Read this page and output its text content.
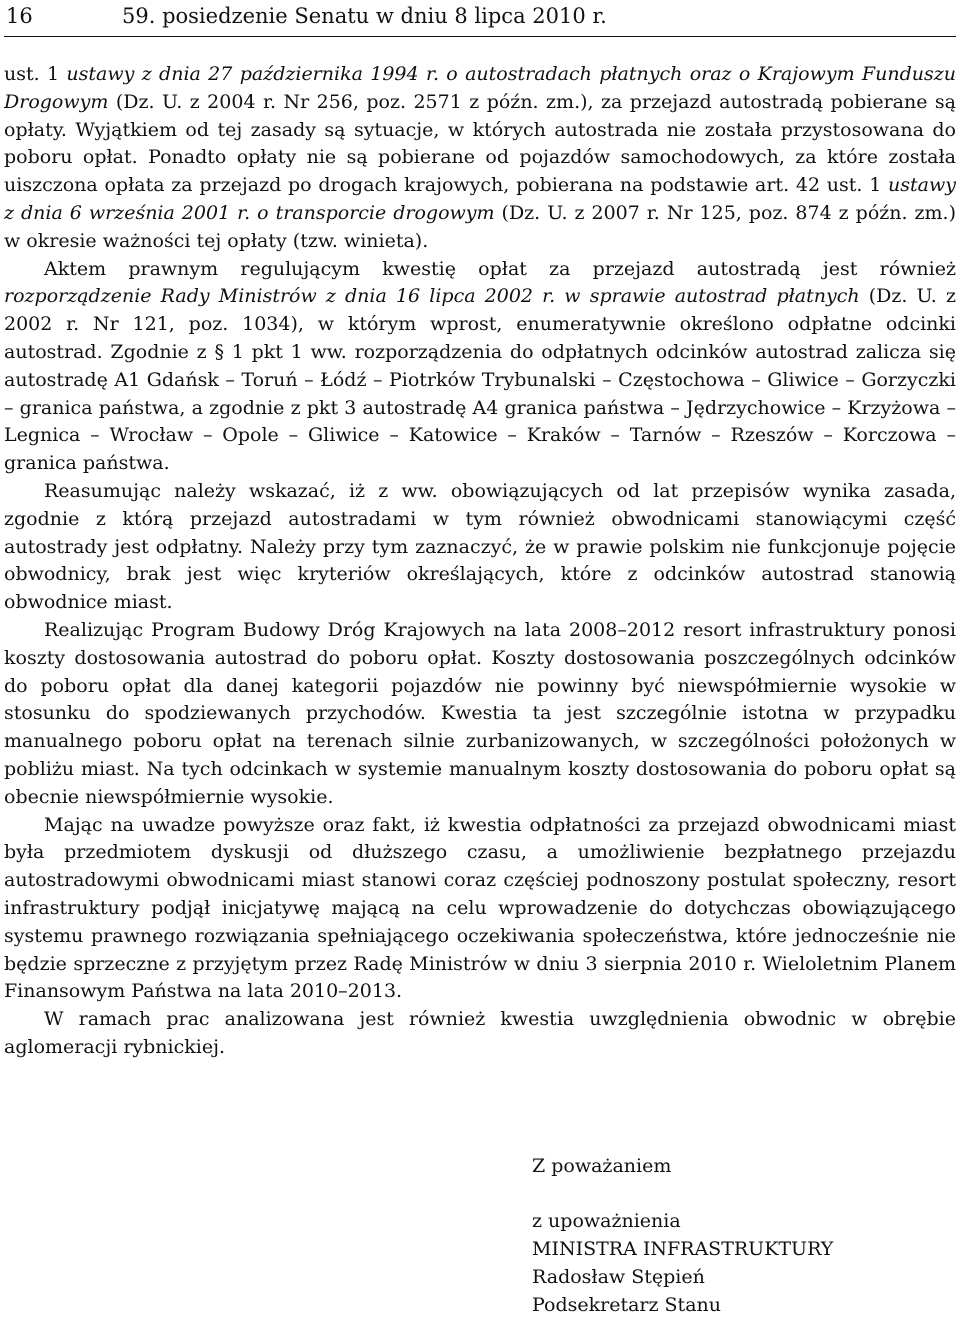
16	59. posiedzenie Senatu w dniu 8 lipca 2010 r.

ust. 1 ustawy z dnia 27 października 1994 r. o autostradach płatnych oraz o Krajowym Funduszu Drogowym (Dz. U. z 2004 r. Nr 256, poz. 2571 z późn. zm.), za przejazd autostradą pobierane są opłaty. Wyjątkiem od tej zasady są sytuacje, w których autostrada nie została przystosowana do poboru opłat. Ponadto opłaty nie są pobierane od pojazdów samochodowych, za które została uiszczona opłata za przejazd po drogach krajowych, pobierana na podstawie art. 42 ust. 1 ustawy z dnia 6 września 2001 r. o transporcie drogowym (Dz. U. z 2007 r. Nr 125, poz. 874 z późn. zm.) w okresie ważności tej opłaty (tzw. winieta).

Aktem prawnym regulującym kwestię opłat za przejazd autostradą jest również rozporządzenie Rady Ministrów z dnia 16 lipca 2002 r. w sprawie autostrad płatnych (Dz. U. z 2002 r. Nr 121, poz. 1034), w którym wprost, enumeratywnie określono odpłatne odcinki autostrad. Zgodnie z § 1 pkt 1 ww. rozporządzenia do odpłatnych odcinków autostrad zalicza się autostradę A1 Gdańsk – Toruń – Łódź – Piotrków Trybunalski – Częstochowa – Gliwice – Gorzyczki – granica państwa, a zgodnie z pkt 3 autostradę A4 granica państwa – Jędrzychowice – Krzyżowa – Legnica – Wrocław – Opole – Gliwice – Katowice – Kraków – Tarnów – Rzeszów – Korczowa – granica państwa.

Reasumując należy wskazać, iż z ww. obowiązujących od lat przepisów wynika zasada, zgodnie z którą przejazd autostradami w tym również obwodnicami stanowiącymi część autostrady jest odpłatny. Należy przy tym zaznaczyć, że w prawie polskim nie funkcjonuje pojęcie obwodnicy, brak jest więc kryteriów określających, które z odcinków autostrad stanowią obwodnice miast.

Realizując Program Budowy Dróg Krajowych na lata 2008–2012 resort infrastruktury ponosi koszty dostosowania autostrad do poboru opłat. Koszty dostosowania poszczególnych odcinków do poboru opłat dla danej kategorii pojazdów nie powinny być niewspółmiernie wysokie w stosunku do spodziewanych przychodów. Kwestia ta jest szczególnie istotna w przypadku manualnego poboru opłat na terenach silnie zurbanizowanych, w szczególności położonych w pobliżu miast. Na tych odcinkach w systemie manualnym koszty dostosowania do poboru opłat są obecnie niewspółmiernie wysokie.

Mając na uwadze powyższe oraz fakt, iż kwestia odpłatności za przejazd obwodnicami miast była przedmiotem dyskusji od dłuższego czasu, a umożliwienie bezpłatnego przejazdu autostradowymi obwodnicami miast stanowi coraz częściej podnoszony postulat społeczny, resort infrastruktury podjął inicjatywę mającą na celu wprowadzenie do dotychczas obowiązującego systemu prawnego rozwiązania spełniającego oczekiwania społeczeństwa, które jednocześnie nie będzie sprzeczne z przyjętym przez Radę Ministrów w dniu 3 sierpnia 2010 r. Wieloletnim Planem Finansowym Państwa na lata 2010–2013.

W ramach prac analizowana jest również kwestia uwzględnienia obwodnic w obrębie aglomeracji rybnickiej.

Z poważaniem
z upoważnienia
MINISTRA INFRASTRUKTURY
Radosław Stępień
Podsekretarz Stanu
